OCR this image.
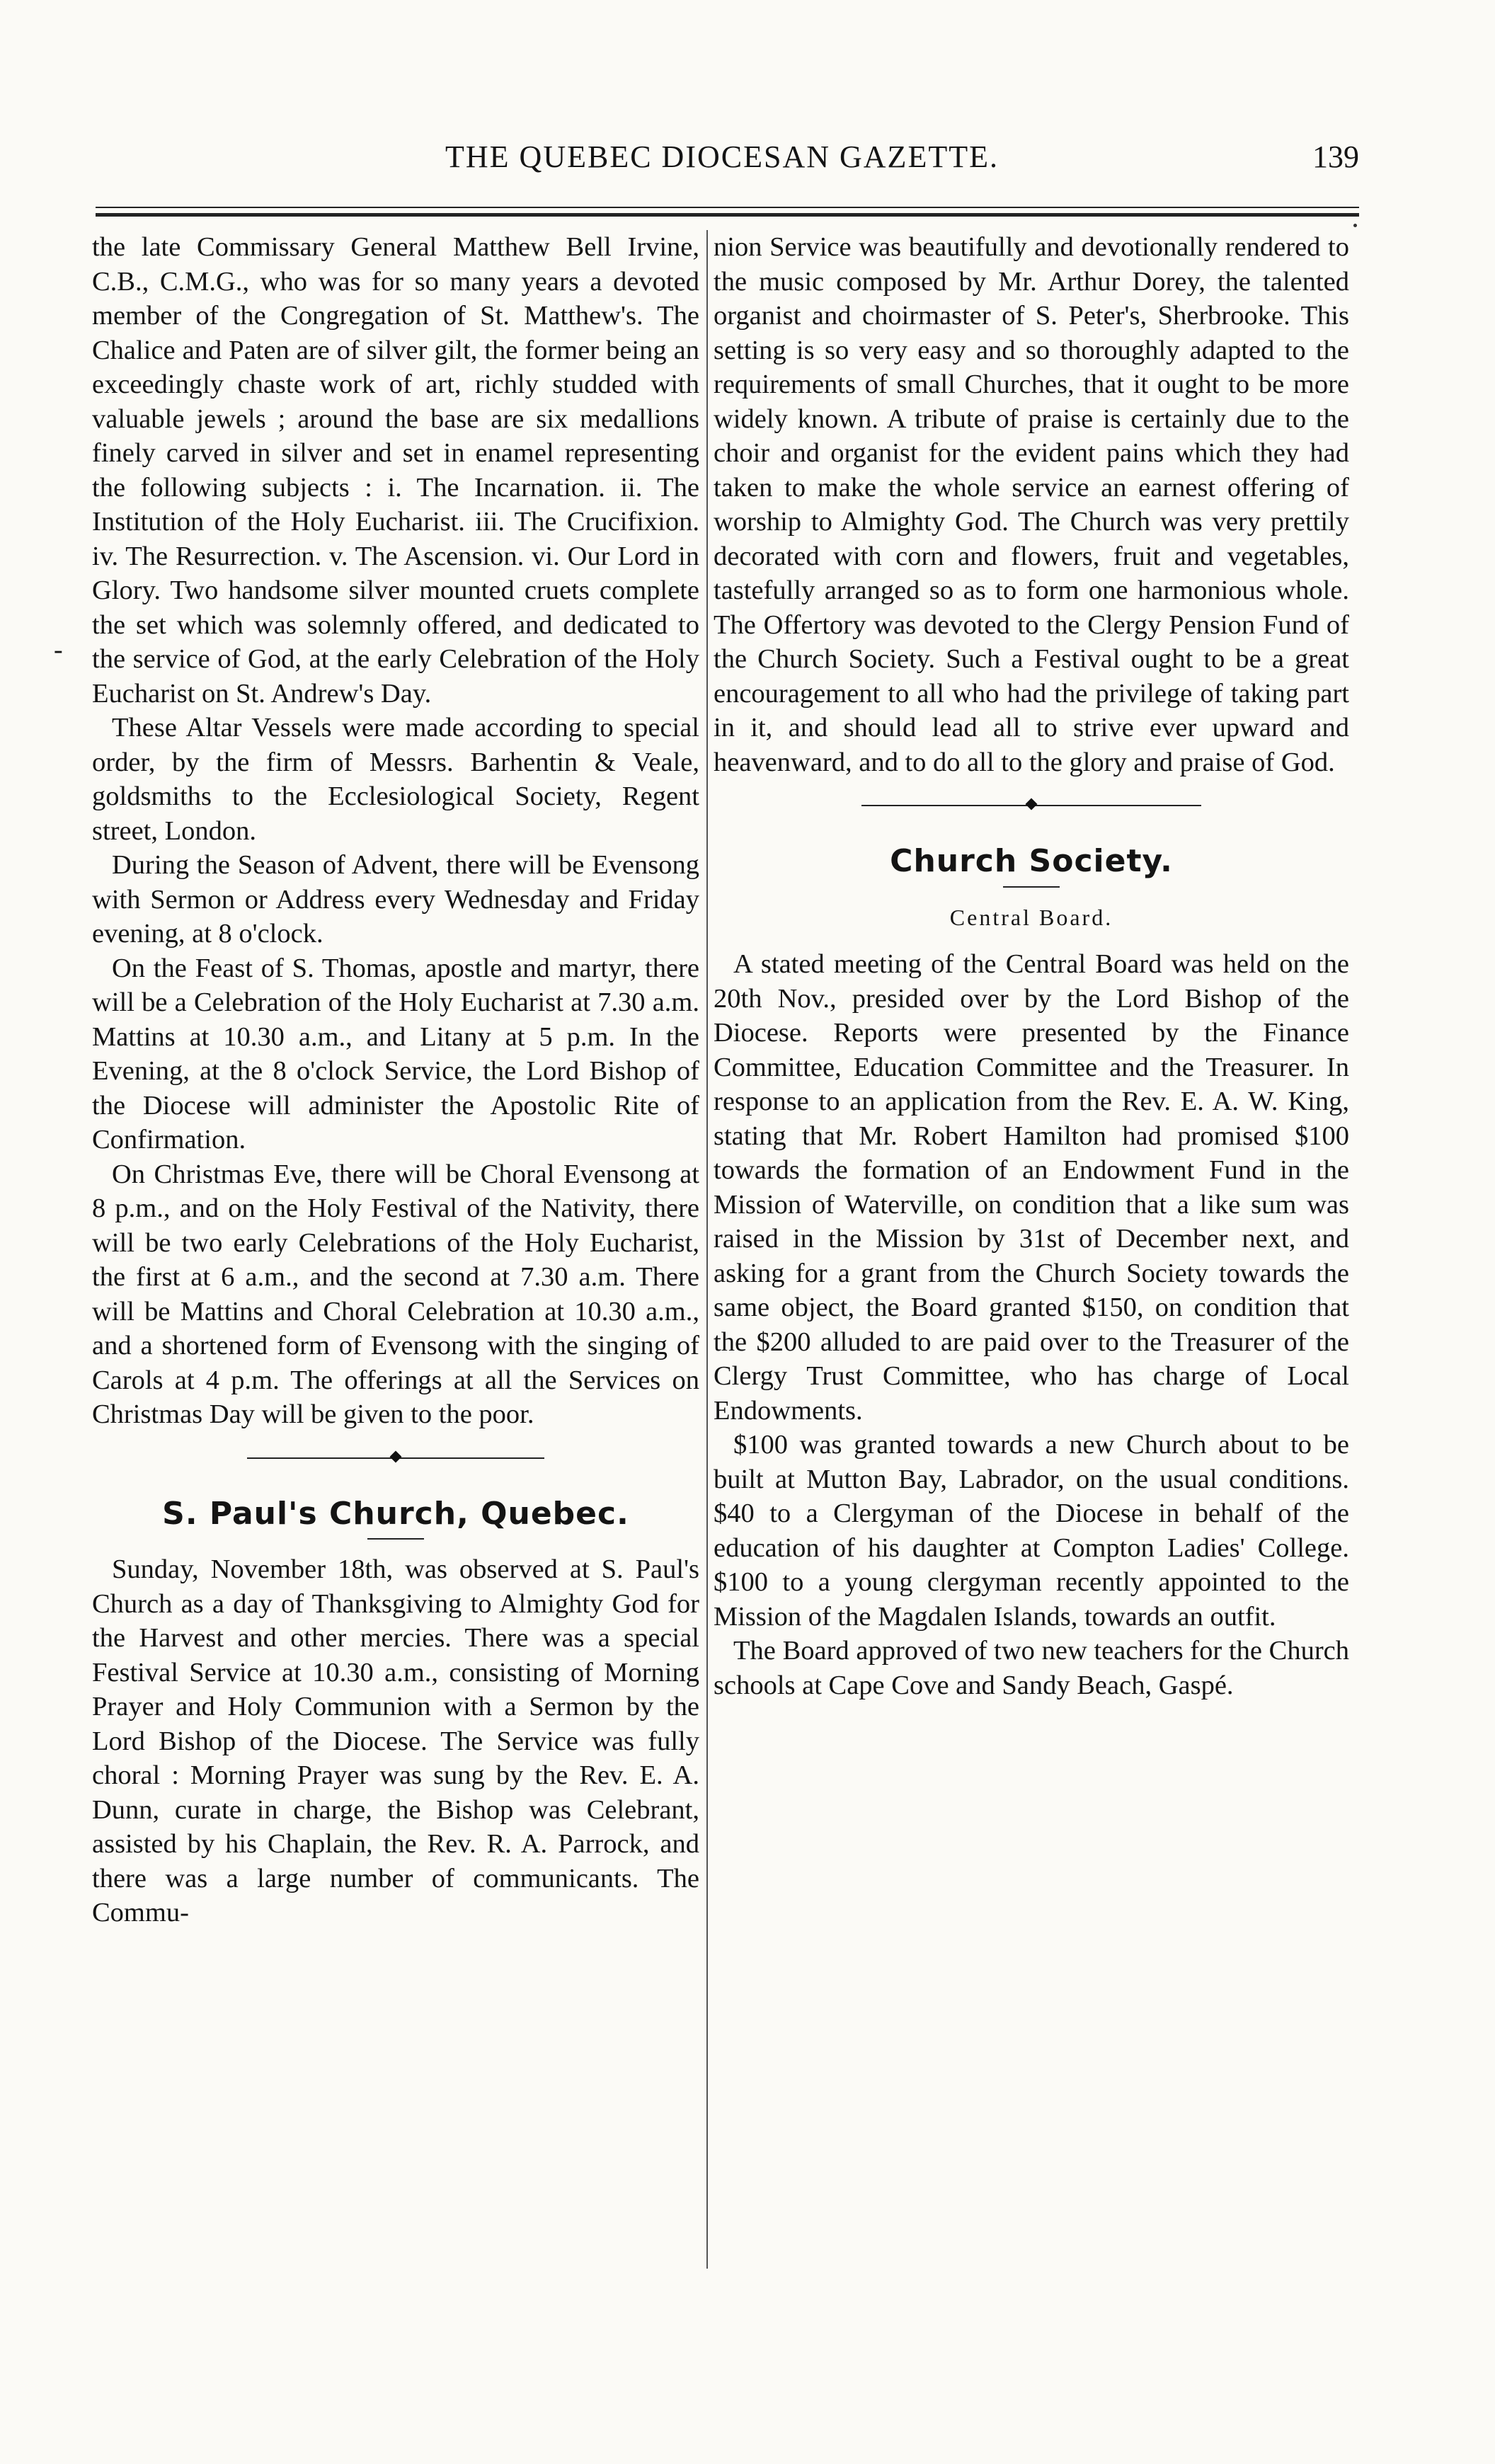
THE QUEBEC DIOCESAN GAZETTE.	139
-

the late Commissary General Matthew Bell Irvine, C.B., C.M.G., who was for so many years a devoted member of the Congregation of St. Matthew's. The Chalice and Paten are of silver gilt, the former being an exceedingly chaste work of art, richly studded with valuable jewels ; around the base are six medallions finely carved in silver and set in enamel representing the following subjects : i. The Incarnation. ii. The Institution of the Holy Eucharist. iii. The Crucifixion. iv. The Resurrection. v. The Ascension. vi. Our Lord in Glory. Two handsome silver mounted cruets complete the set which was solemnly offered, and dedicated to the service of God, at the early Celebration of the Holy Eucharist on St. Andrew's Day.

These Altar Vessels were made according to special order, by the firm of Messrs. Barhentin & Veale, goldsmiths to the Ecclesiological Society, Regent street, London.

During the Season of Advent, there will be Evensong with Sermon or Address every Wednesday and Friday evening, at 8 o'clock.

On the Feast of S. Thomas, apostle and martyr, there will be a Celebration of the Holy Eucharist at 7.30 a.m. Mattins at 10.30 a.m., and Litany at 5 p.m. In the Evening, at the 8 o'clock Service, the Lord Bishop of the Diocese will administer the Apostolic Rite of Confirmation.

On Christmas Eve, there will be Choral Evensong at 8 p.m., and on the Holy Festival of the Nativity, there will be two early Celebrations of the Holy Eucharist, the first at 6 a.m., and the second at 7.30 a.m. There will be Mattins and Choral Celebration at 10.30 a.m., and a shortened form of Evensong with the singing of Carols at 4 p.m. The offerings at all the Services on Christmas Day will be given to the poor.

S. Paul's Church, Quebec.

Sunday, November 18th, was observed at S. Paul's Church as a day of Thanksgiving to Almighty God for the Harvest and other mercies. There was a special Festival Service at 10.30 a.m., consisting of Morning Prayer and Holy Communion with a Sermon by the Lord Bishop of the Diocese. The Service was fully choral : Morning Prayer was sung by the Rev. E. A. Dunn, curate in charge, the Bishop was Celebrant, assisted by his Chaplain, the Rev. R. A. Parrock, and there was a large number of communicants. The Commu-

nion Service was beautifully and devotionally rendered to the music composed by Mr. Arthur Dorey, the talented organist and choirmaster of S. Peter's, Sherbrooke. This setting is so very easy and so thoroughly adapted to the requirements of small Churches, that it ought to be more widely known. A tribute of praise is certainly due to the choir and organist for the evident pains which they had taken to make the whole service an earnest offering of worship to Almighty God. The Church was very prettily decorated with corn and flowers, fruit and vegetables, tastefully arranged so as to form one harmonious whole. The Offertory was devoted to the Clergy Pension Fund of the Church Society. Such a Festival ought to be a great encouragement to all who had the privilege of taking part in it, and should lead all to strive ever upward and heavenward, and to do all to the glory and praise of God.

Church Society.
Central Board.

A stated meeting of the Central Board was held on the 20th Nov., presided over by the Lord Bishop of the Diocese. Reports were presented by the Finance Committee, Education Committee and the Treasurer. In response to an application from the Rev. E. A. W. King, stating that Mr. Robert Hamilton had promised $100 towards the formation of an Endowment Fund in the Mission of Waterville, on condition that a like sum was raised in the Mission by 31st of December next, and asking for a grant from the Church Society towards the same object, the Board granted $150, on condition that the $200 alluded to are paid over to the Treasurer of the Clergy Trust Committee, who has charge of Local Endowments.

$100 was granted towards a new Church about to be built at Mutton Bay, Labrador, on the usual conditions. $40 to a Clergyman of the Diocese in behalf of the education of his daughter at Compton Ladies' College. $100 to a young clergyman recently appointed to the Mission of the Magdalen Islands, towards an outfit.

The Board approved of two new teachers for the Church schools at Cape Cove and Sandy Beach, Gaspé.
